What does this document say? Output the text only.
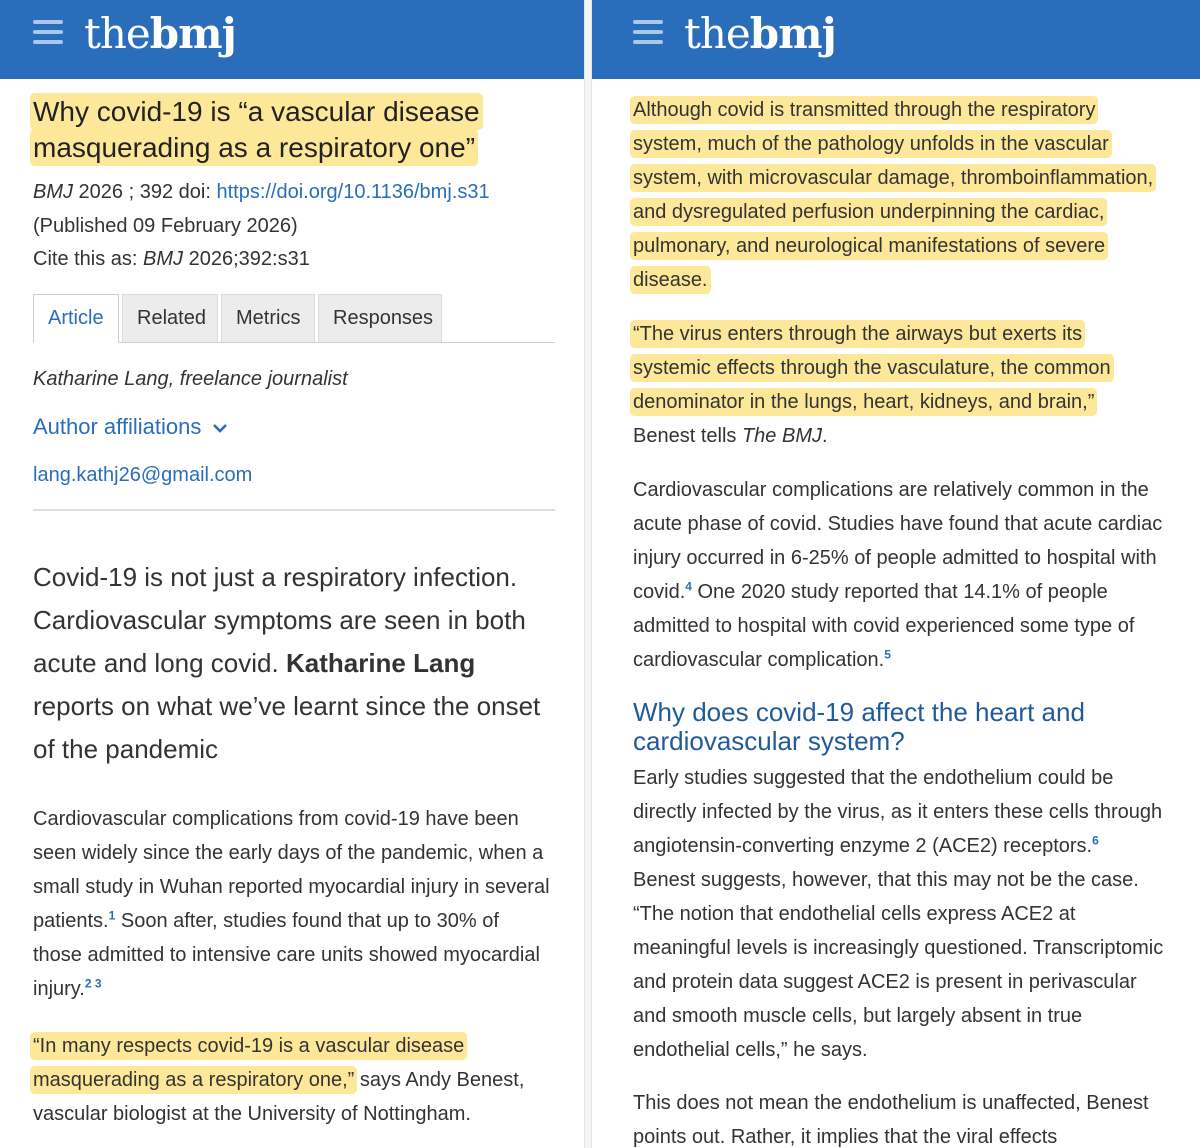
thebmj
Why covid-19 is “a vascular disease masquerading as a respiratory one”
BMJ 2026 ; 392 doi: https://doi.org/10.1136/bmj.s31
(Published 09 February 2026)
Cite this as: BMJ 2026;392:s31
Article	Related	Metrics	Responses
Katharine Lang, freelance journalist
Author affiliations
lang.kathj26@gmail.com
Covid-19 is not just a respiratory infection. Cardiovascular symptoms are seen in both acute and long covid. Katharine Lang reports on what we’ve learnt since the onset of the pandemic
Cardiovascular complications from covid-19 have been seen widely since the early days of the pandemic, when a small study in Wuhan reported myocardial injury in several patients.$^1$ Soon after, studies found that up to 30% of those admitted to intensive care units showed myocardial injury.$^{2 3}$
“In many respects covid-19 is a vascular disease masquerading as a respiratory one,” says Andy Benest, vascular biologist at the University of Nottingham.
thebmj
Although covid is transmitted through the respiratory system, much of the pathology unfolds in the vascular system, with microvascular damage, thromboinflammation, and dysregulated perfusion underpinning the cardiac, pulmonary, and neurological manifestations of severe disease.
“The virus enters through the airways but exerts its systemic effects through the vasculature, the common denominator in the lungs, heart, kidneys, and brain,” Benest tells The BMJ.
Cardiovascular complications are relatively common in the acute phase of covid. Studies have found that acute cardiac injury occurred in 6-25% of people admitted to hospital with covid.$^4$ One 2020 study reported that 14.1% of people admitted to hospital with covid experienced some type of cardiovascular complication.$^5$
Why does covid-19 affect the heart and cardiovascular system?
Early studies suggested that the endothelium could be directly infected by the virus, as it enters these cells through angiotensin-converting enzyme 2 (ACE2) receptors.$^6$ Benest suggests, however, that this may not be the case. “The notion that endothelial cells express ACE2 at meaningful levels is increasingly questioned. Transcriptomic and protein data suggest ACE2 is present in perivascular and smooth muscle cells, but largely absent in true endothelial cells,” he says.
This does not mean the endothelium is unaffected, Benest points out. Rather, it implies that the viral effects
